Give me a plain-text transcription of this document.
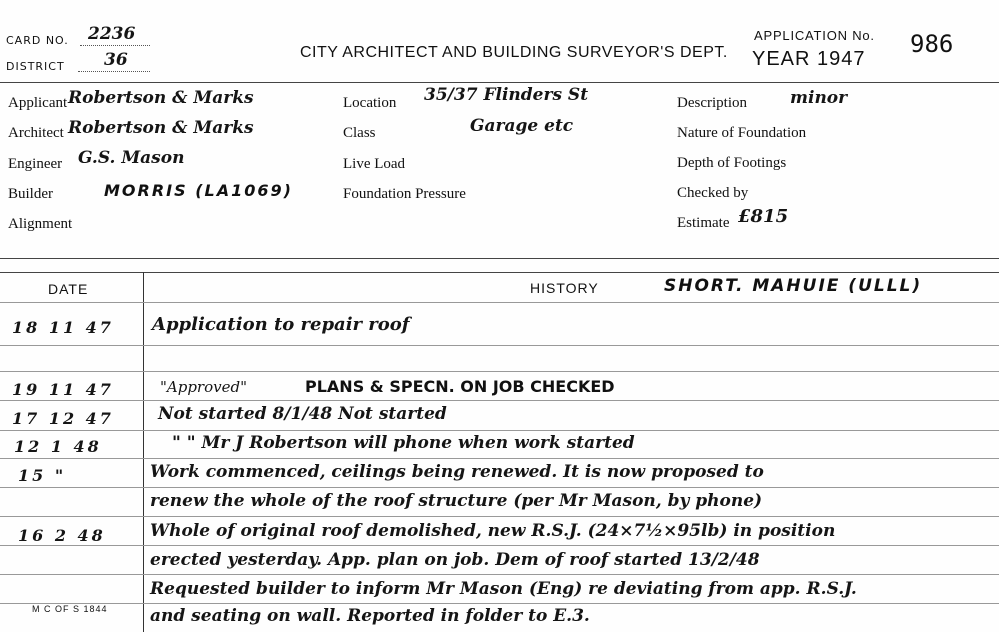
CARD NO. 2236
DISTRICT 36	CITY ARCHITECT AND BUILDING SURVEYOR'S DEPT.
APPLICATION No.
YEAR 1947
986
Applicant Robertson & Marks
Architect Robertson & Marks
Engineer G.S. Mason
Builder	MORRIS (LA1069)
Alignment
Location 35/37 Flinders St
Class	Garage etc
Live Load
Foundation Pressure
Description	minor
Nature of Foundation
Depth of Footings
Checked by
Estimate £815
DATE	HISTORY	SHORT. MAHUIE (ULLL)
18 11 47 Application to repair roof
19 11 47	"Approved"	PLANS & SPECN. ON JOB CHECKED
17 12 47	Not started 8/1/48 Not started
12 1 48	" " Mr J Robertson will phone when work started
15 "	Work commenced, ceilings being renewed. It is now proposed to
renew the whole of the roof structure (per Mr Mason, by phone)
16 2 48	Whole of original roof demolished, new R.S.J. (24×7½×95lb) in position
erected yesterday. App. plan on job. Dem of roof started 13/2/48
Requested builder to inform Mr Mason (Eng) re deviating from app. R.S.J.
and seating on wall. Reported in folder to E.3.
M C OF S 1844
